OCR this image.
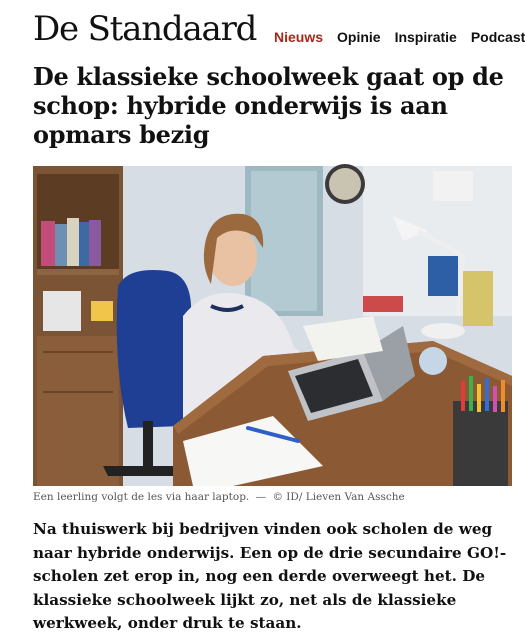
De Standaard Nieuws Opinie Inspiratie Podcast
De klassieke schoolweek gaat op de schop: hybride onderwijs is aan opmars bezig
Een leerling volgt de les via haar laptop. — © ID/ Lieven Van Assche

Na thuiswerk bij bedrijven vinden ook scholen de weg naar hybride onderwijs. Een op de drie secundaire GO!-scholen zet erop in, nog een derde overweegt het. De klassieke schoolweek lijkt zo, net als de klassieke werkweek, onder druk te staan.
